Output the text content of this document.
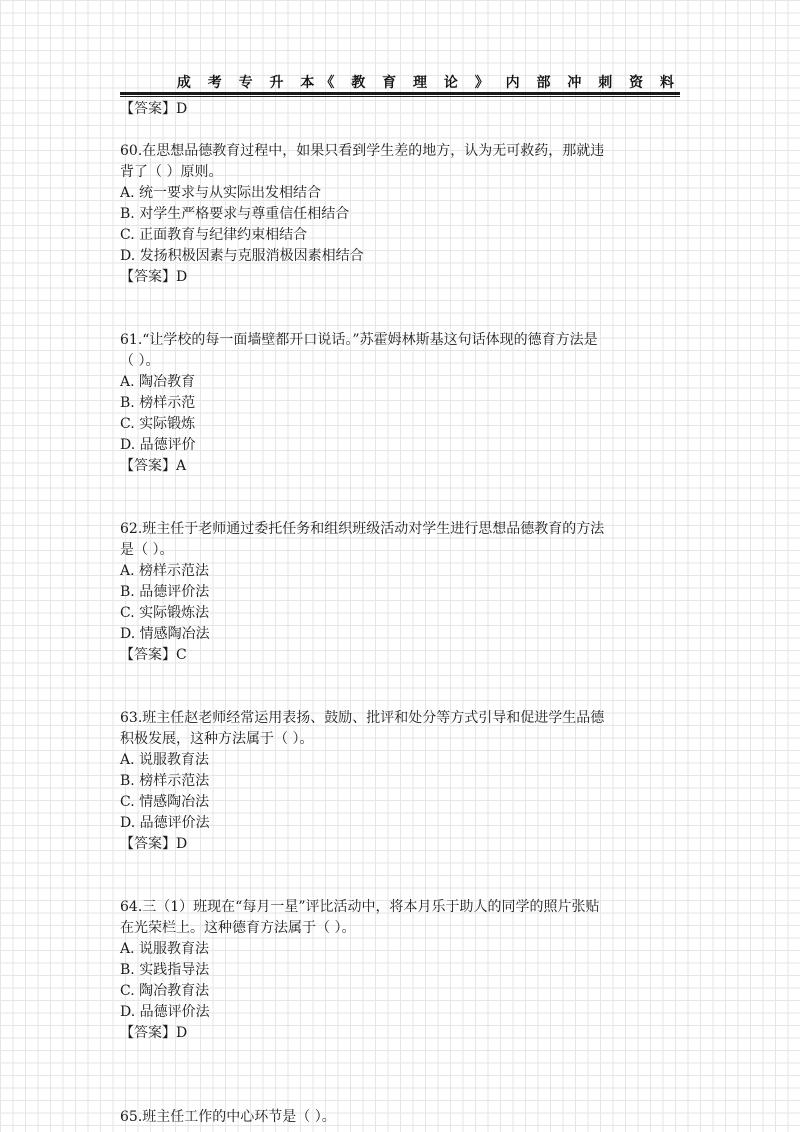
成 考 专 升 本《 教 育 理 论 》 内 部 冲 刺 资 料
【答案】D
60.在思想品德教育过程中，如果只看到学生差的地方，认为无可救药，那就违
背了（ ）原则。
A. 统一要求与从实际出发相结合
B. 对学生严格要求与尊重信任相结合
C. 正面教育与纪律约束相结合
D. 发扬积极因素与克服消极因素相结合
【答案】D
61.“让学校的每一面墙壁都开口说话。”苏霍姆林斯基这句话体现的德育方法是
（ ）。
A. 陶冶教育
B. 榜样示范
C. 实际锻炼
D. 品德评价
【答案】A
62.班主任于老师通过委托任务和组织班级活动对学生进行思想品德教育的方法
是（ ）。
A. 榜样示范法
B. 品德评价法
C. 实际锻炼法
D. 情感陶冶法
【答案】C
63.班主任赵老师经常运用表扬、鼓励、批评和处分等方式引导和促进学生品德
积极发展，这种方法属于（ ）。
A. 说服教育法
B. 榜样示范法
C. 情感陶冶法
D. 品德评价法
【答案】D
64.三（1）班现在“每月一星”评比活动中，将本月乐于助人的同学的照片张贴
在光荣栏上。这种德育方法属于（ ）。
A. 说服教育法
B. 实践指导法
C. 陶冶教育法
D. 品德评价法
【答案】D
65.班主任工作的中心环节是（ ）。
